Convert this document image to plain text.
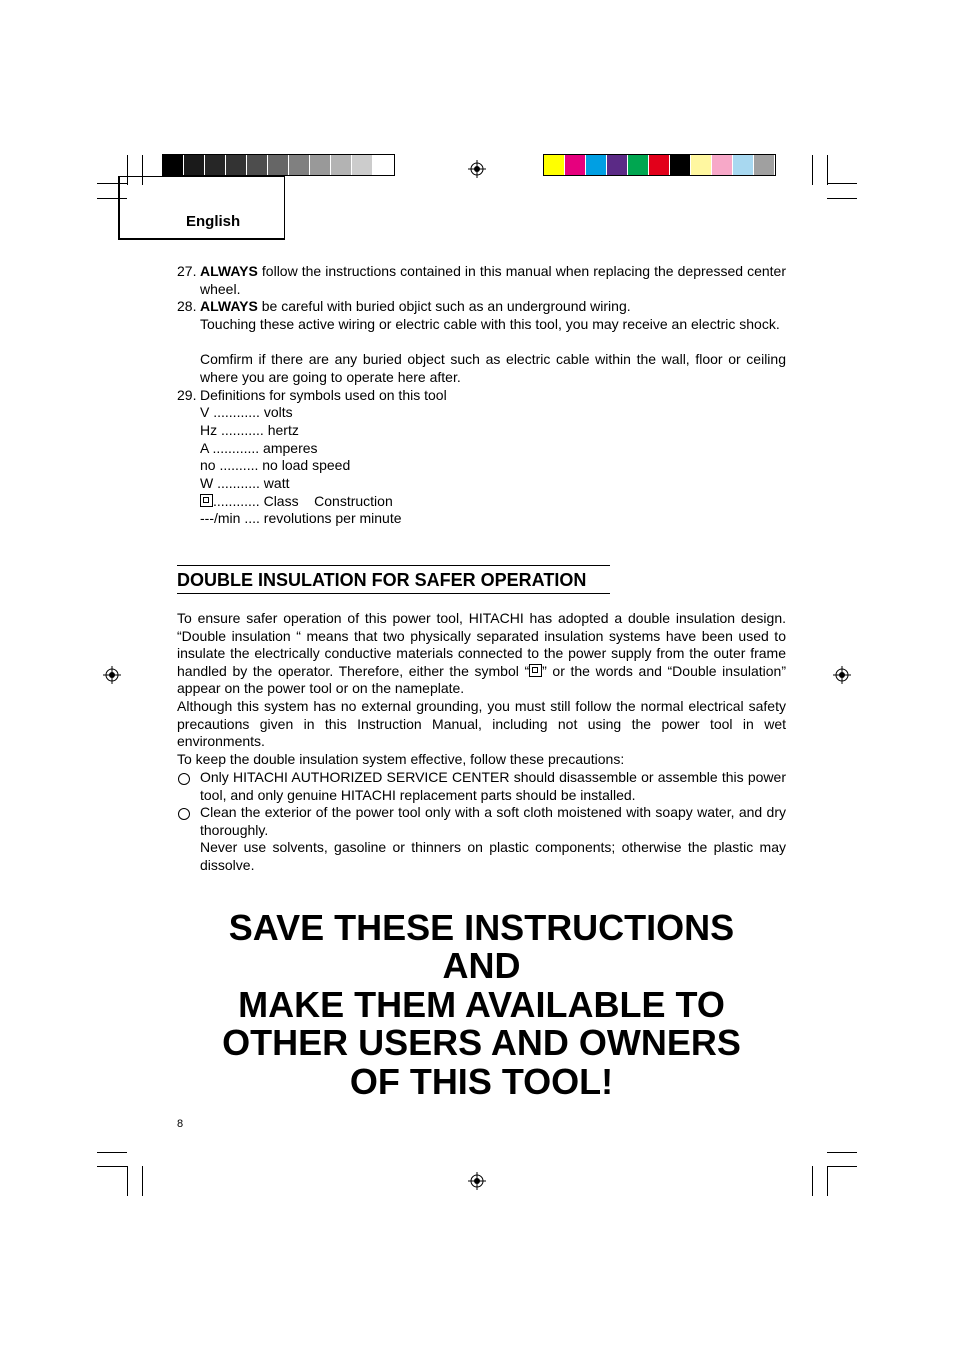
English
27. ALWAYS follow the instructions contained in this manual when replacing the depressed center wheel.
28. ALWAYS be careful with buried objict such as an underground wiring.
Touching these active wiring or electric cable with this tool, you may receive an electric shock.
Comfirm if there are any buried object such as electric cable within the wall, floor or ceiling where you are going to operate here after.
29. Definitions for symbols used on this tool
V ............ volts
Hz ........... hertz
A ............ amperes
no .......... no load speed
W ........... watt
............ Class    Construction
---/min .... revolutions per minute
DOUBLE INSULATION FOR SAFER OPERATION
To ensure safer operation of this power tool, HITACHI has adopted a double insulation design. “Double insulation “ means that two physically separated insulation systems have been used to insulate the electrically conductive materials connected to the power supply from the outer frame handled by the operator. Therefore, either the symbol “ ” or the words and “Double insulation” appear on the power tool or on the nameplate.
Although this system has no external grounding, you must still follow the normal electrical safety precautions given in this Instruction Manual, including not using the power tool in wet environments.
To keep the double insulation system effective, follow these precautions:
Only HITACHI AUTHORIZED SERVICE CENTER should disassemble or assemble this power tool, and only genuine HITACHI replacement parts should be installed.
Clean the exterior of the power tool only with a soft cloth moistened with soapy water, and dry thoroughly.
Never use solvents, gasoline or thinners on plastic components; otherwise the plastic may dissolve.
SAVE THESE INSTRUCTIONS
AND
MAKE THEM AVAILABLE TO
OTHER USERS AND OWNERS
OF THIS TOOL!
8
